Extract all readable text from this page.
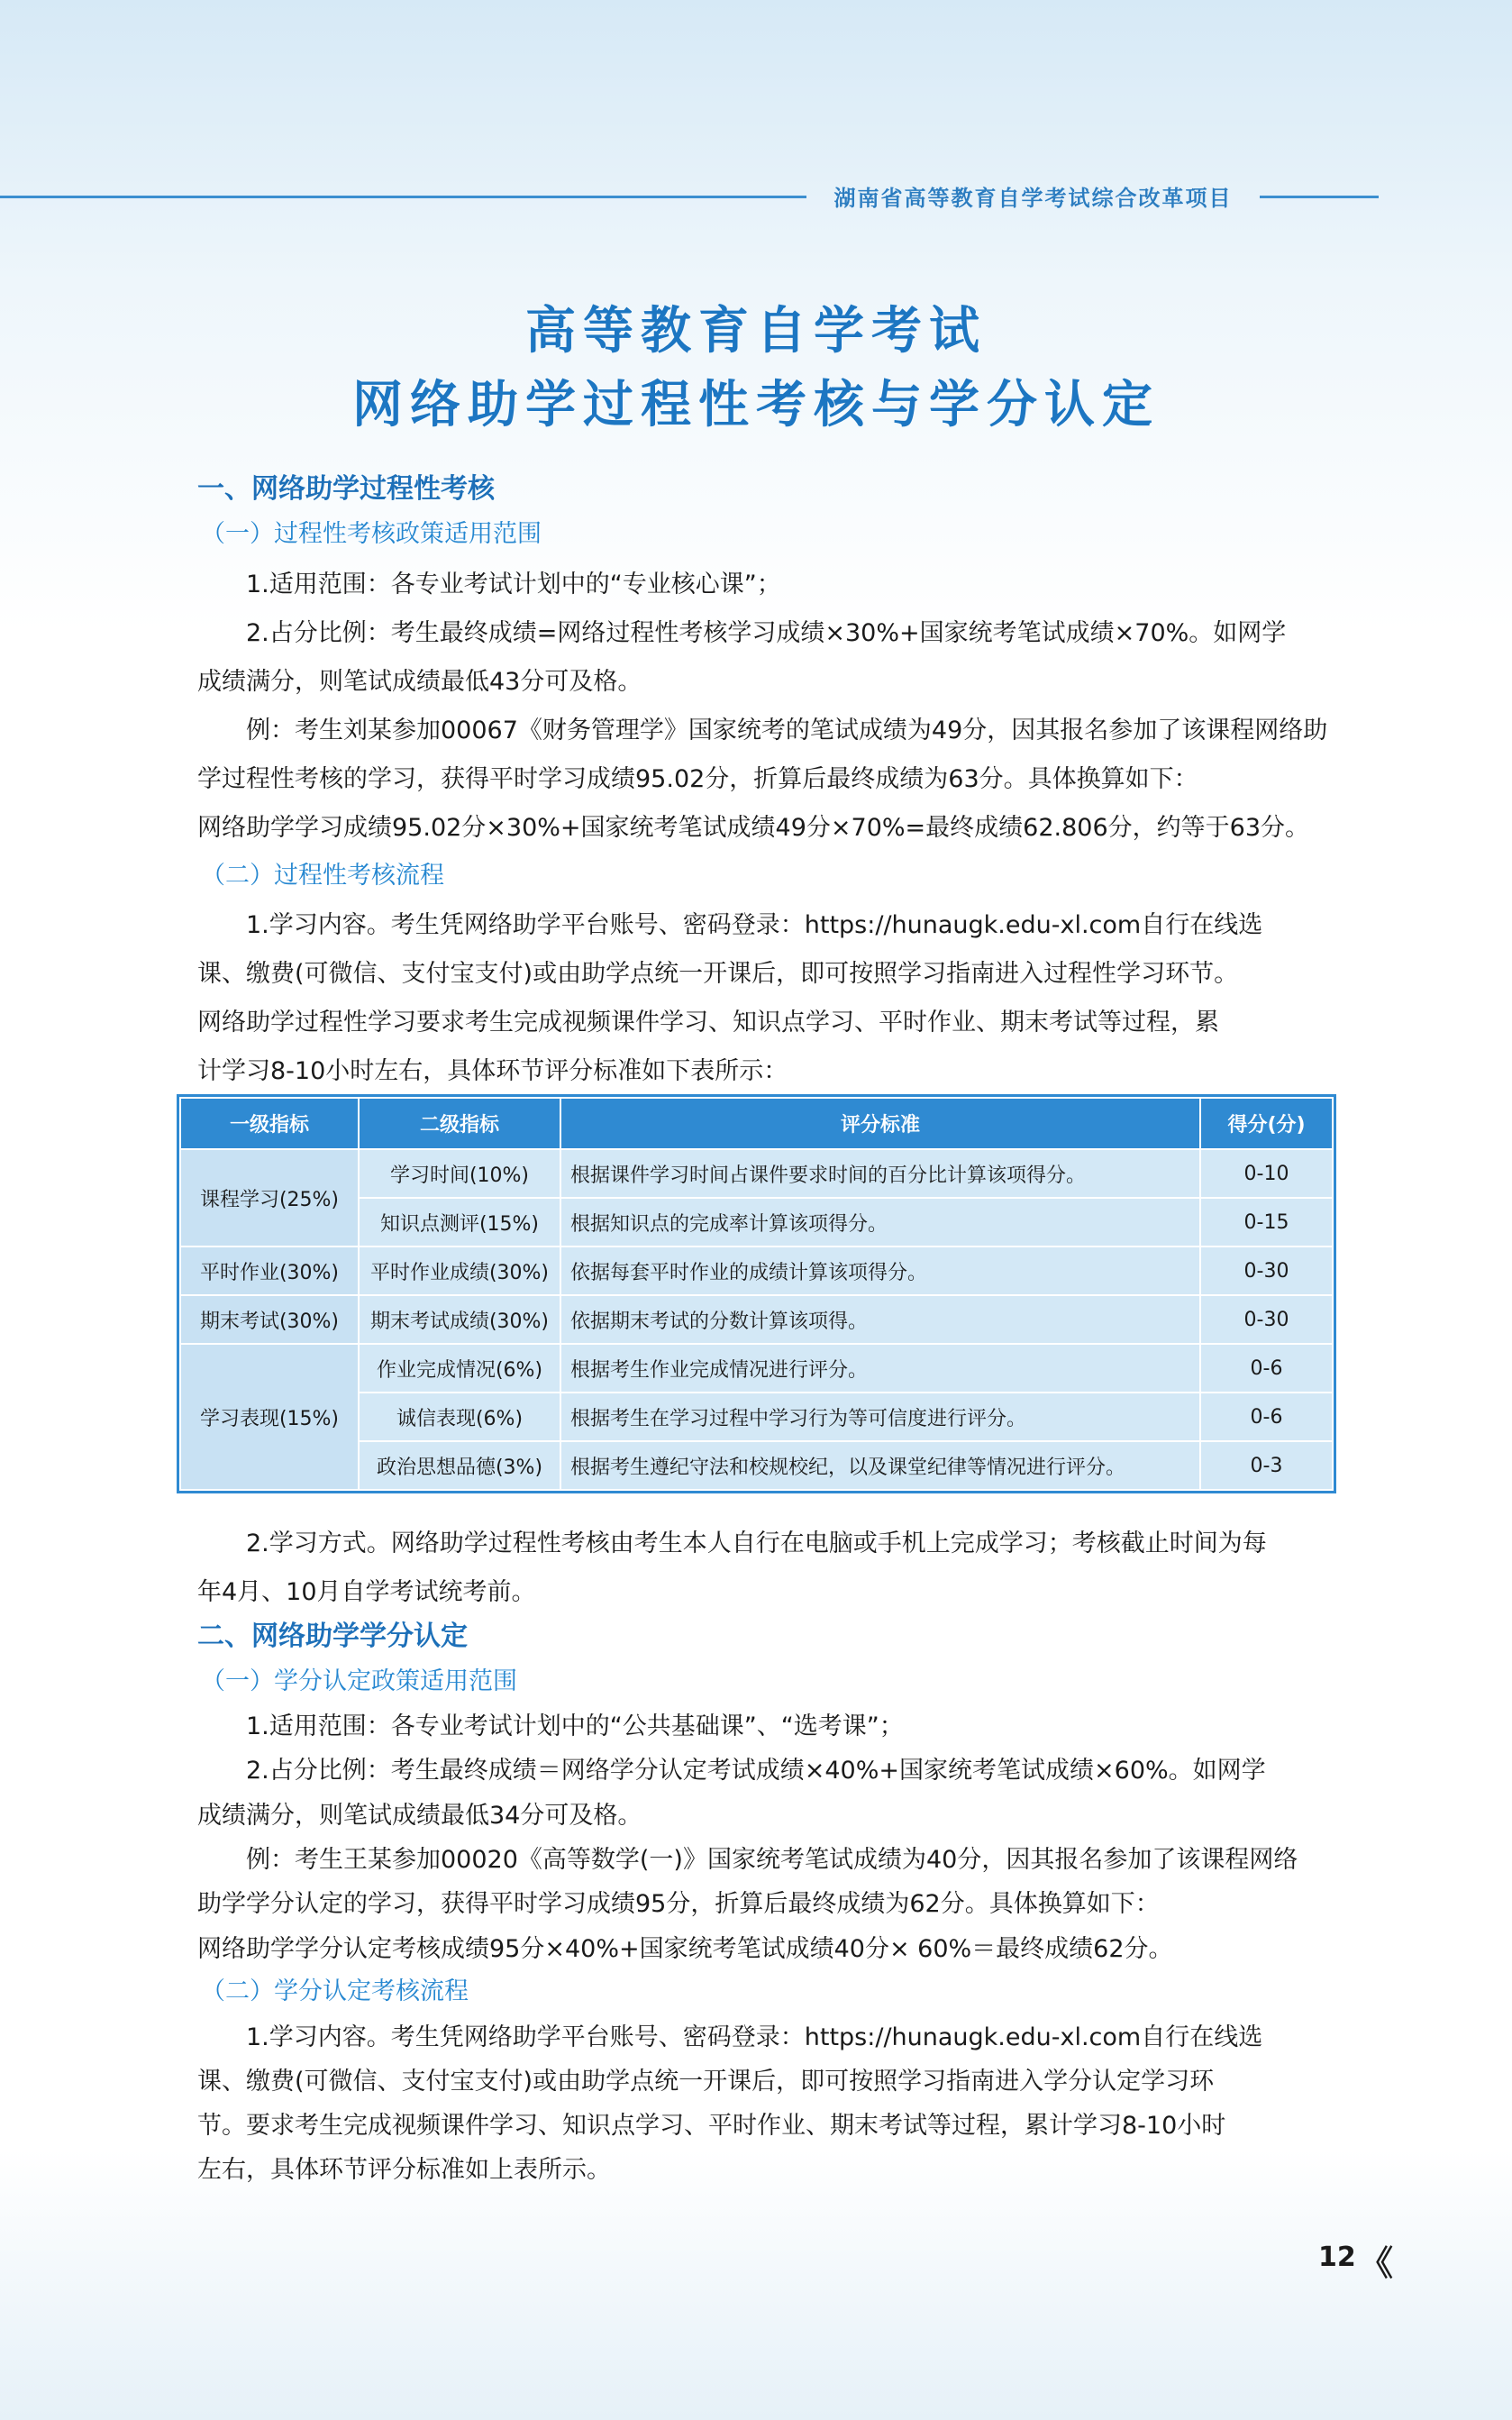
湖南省高等教育自学考试综合改革项目
高等教育自学考试
网络助学过程性考核与学分认定
一、网络助学过程性考核
（一）过程性考核政策适用范围
1.适用范围：各专业考试计划中的“专业核心课”；
2.占分比例：考生最终成绩=网络过程性考核学习成绩×30%+国家统考笔试成绩×70%。如网学
成绩满分，则笔试成绩最低43分可及格。
例：考生刘某参加00067《财务管理学》国家统考的笔试成绩为49分，因其报名参加了该课程网络助
学过程性考核的学习，获得平时学习成绩95.02分，折算后最终成绩为63分。具体换算如下：
网络助学学习成绩95.02分×30%+国家统考笔试成绩49分×70%=最终成绩62.806分，约等于63分。
（二）过程性考核流程
1.学习内容。考生凭网络助学平台账号、密码登录：https://hunaugk.edu-xl.com自行在线选
课、缴费(可微信、支付宝支付)或由助学点统一开课后，即可按照学习指南进入过程性学习环节。
网络助学过程性学习要求考生完成视频课件学习、知识点学习、平时作业、期末考试等过程，累
计学习8-10小时左右，具体环节评分标准如下表所示：
一级指标	二级指标	评分标准	得分(分)
课程学习(25%)	学习时间(10%)	根据课件学习时间占课件要求时间的百分比计算该项得分。	0-10
	知识点测评(15%)	根据知识点的完成率计算该项得分。	0-15
平时作业(30%)	平时作业成绩(30%)	依据每套平时作业的成绩计算该项得分。	0-30
期末考试(30%)	期末考试成绩(30%)	依据期末考试的分数计算该项得。	0-30
学习表现(15%)	作业完成情况(6%)	根据考生作业完成情况进行评分。	0-6
	诚信表现(6%)	根据考生在学习过程中学习行为等可信度进行评分。	0-6
	政治思想品德(3%)	根据考生遵纪守法和校规校纪，以及课堂纪律等情况进行评分。	0-3
2.学习方式。网络助学过程性考核由考生本人自行在电脑或手机上完成学习；考核截止时间为每
年4月、10月自学考试统考前。
二、网络助学学分认定
（一）学分认定政策适用范围
1.适用范围：各专业考试计划中的“公共基础课”、“选考课”；
2.占分比例：考生最终成绩＝网络学分认定考试成绩×40%+国家统考笔试成绩×60%。如网学
成绩满分，则笔试成绩最低34分可及格。
例：考生王某参加00020《高等数学(一)》国家统考笔试成绩为40分，因其报名参加了该课程网络
助学学分认定的学习，获得平时学习成绩95分，折算后最终成绩为62分。具体换算如下：
网络助学学分认定考核成绩95分×40%+国家统考笔试成绩40分× 60%＝最终成绩62分。
（二）学分认定考核流程
1.学习内容。考生凭网络助学平台账号、密码登录：https://hunaugk.edu-xl.com自行在线选
课、缴费(可微信、支付宝支付)或由助学点统一开课后，即可按照学习指南进入学分认定学习环
节。要求考生完成视频课件学习、知识点学习、平时作业、期末考试等过程，累计学习8-10小时
左右，具体环节评分标准如上表所示。
12 《
